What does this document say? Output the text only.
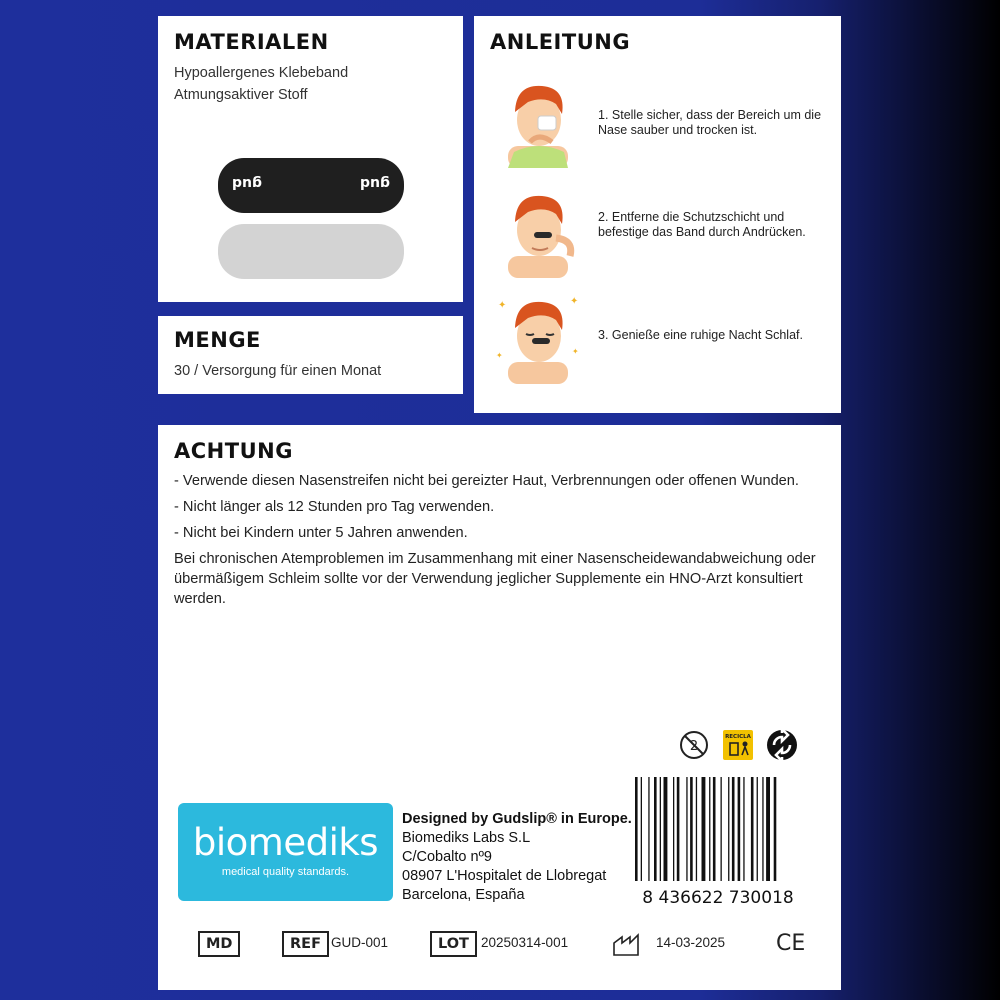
MATERIALEN
Hypoallergenes Klebeband
Atmungsaktiver Stoff
gud	gud
MENGE
30 / Versorgung für einen Monat
ANLEITUNG
1. Stelle sicher, dass der Bereich um die Nase sauber und trocken ist.
2. Entferne die Schutzschicht und befestige das Band durch Andrücken.
✦	✦
✦	✦
3. Genieße eine ruhige Nacht Schlaf.
ACHTUNG

- Verwende diesen Nasenstreifen nicht bei gereizter Haut, Verbrennungen oder offenen Wunden.

- Nicht länger als 12 Stunden pro Tag verwenden.

- Nicht bei Kindern unter 5 Jahren anwenden.

Bei chronischen Atemproblemen im Zusammenhang mit einer Nasenscheidewandabweichung oder übermäßigem Schleim sollte vor der Verwendung jeglicher Supplemente ein HNO-Arzt konsultiert werden.

2
RECICLA
biomediks
medical quality standards.
Designed by Gudslip® in Europe.
Biomediks Labs S.L
C/Cobalto nº9
08907 L'Hospitalet de Llobregat
Barcelona, España	8 436622 730018
MD	REF GUD-001	LOT 20250314-001	14-03-2025 CE
